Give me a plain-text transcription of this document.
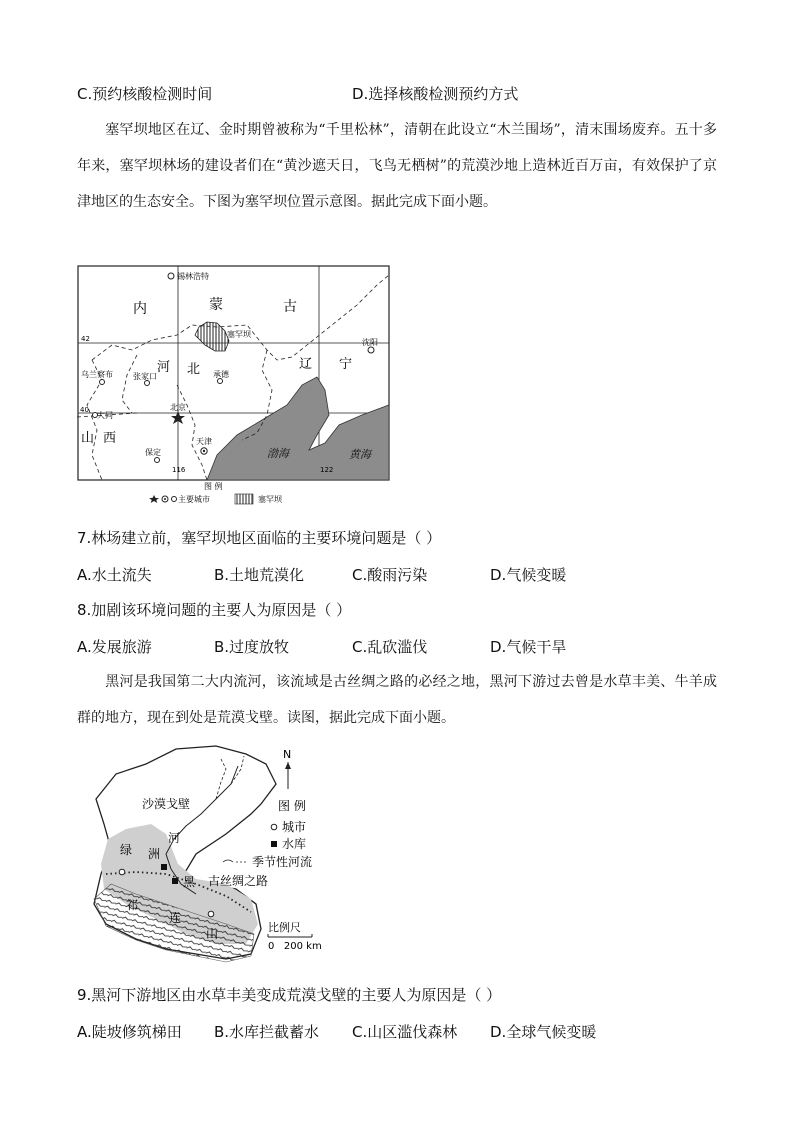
C.预约核酸检测时间	D.选择核酸检测预约方式
塞罕坝地区在辽、金时期曾被称为“千里松林”，清朝在此设立“木兰围场”，清末围场废弃。五十多年来，塞罕坝林场的建设者们在“黄沙遮天日，飞鸟无栖树”的荒漠沙地上造林近百万亩，有效保护了京津地区的生态安全。下图为塞罕坝位置示意图。据此完成下面小题。
锡林浩特
塞罕坝
沈阳
乌兰察布	张家口	承德
北京
大同
天津
保定
内	蒙	古
河 北	辽 宁
山 西
渤海	黄海
42
40
116	122
图 例
主要城市	塞罕坝
7.林场建立前，塞罕坝地区面临的主要环境问题是（ ）
A.水土流失	B.土地荒漠化	C.酸雨污染	D.气候变暖
8.加剧该环境问题的主要人为原因是（ ）
A.发展旅游	B.过度放牧	C.乱砍滥伐	D.气候干旱
黑河是我国第二大内流河，该流域是古丝绸之路的必经之地，黑河下游过去曾是水草丰美、牛羊成群的地方，现在到处是荒漠戈壁。读图，据此完成下面小题。
N
沙漠戈壁
河
绿 洲
黑 古丝绸之路
祁
连
山
图 例
城市
水库
季节性河流
比例尺
0   200 km
9.黑河下游地区由水草丰美变成荒漠戈壁的主要人为原因是（ ）
A.陡坡修筑梯田 B.水库拦截蓄水 C.山区滥伐森林 D.全球气候变暖
